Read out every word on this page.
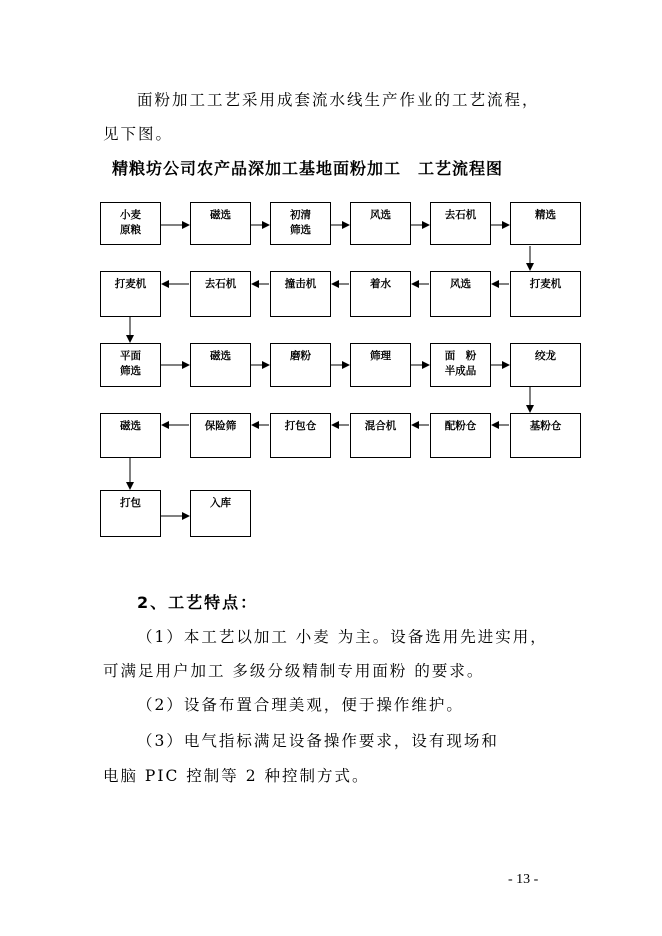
面粉加工工艺采用成套流水线生产作业的工艺流程，
见下图。
精粮坊公司农产品深加工基地面粉加工　工艺流程图
小麦
原粮
磁选	初清
筛选
风选	去石机	精选
打麦机	去石机	撞击机	着水	风选	打麦机
平面
筛选
磁选	磨粉	筛理	面　粉
半成品
绞龙
磁选	保险筛	打包仓	混合机	配粉仓	基粉仓
打包	入库
2、工艺特点：
（1）本工艺以加工 小麦 为主。设备选用先进实用，
可满足用户加工 多级分级精制专用面粉 的要求。
（2）设备布置合理美观，便于操作维护。
（3）电气指标满足设备操作要求，设有现场和
电脑 PIC 控制等 2 种控制方式。
- 13 -
